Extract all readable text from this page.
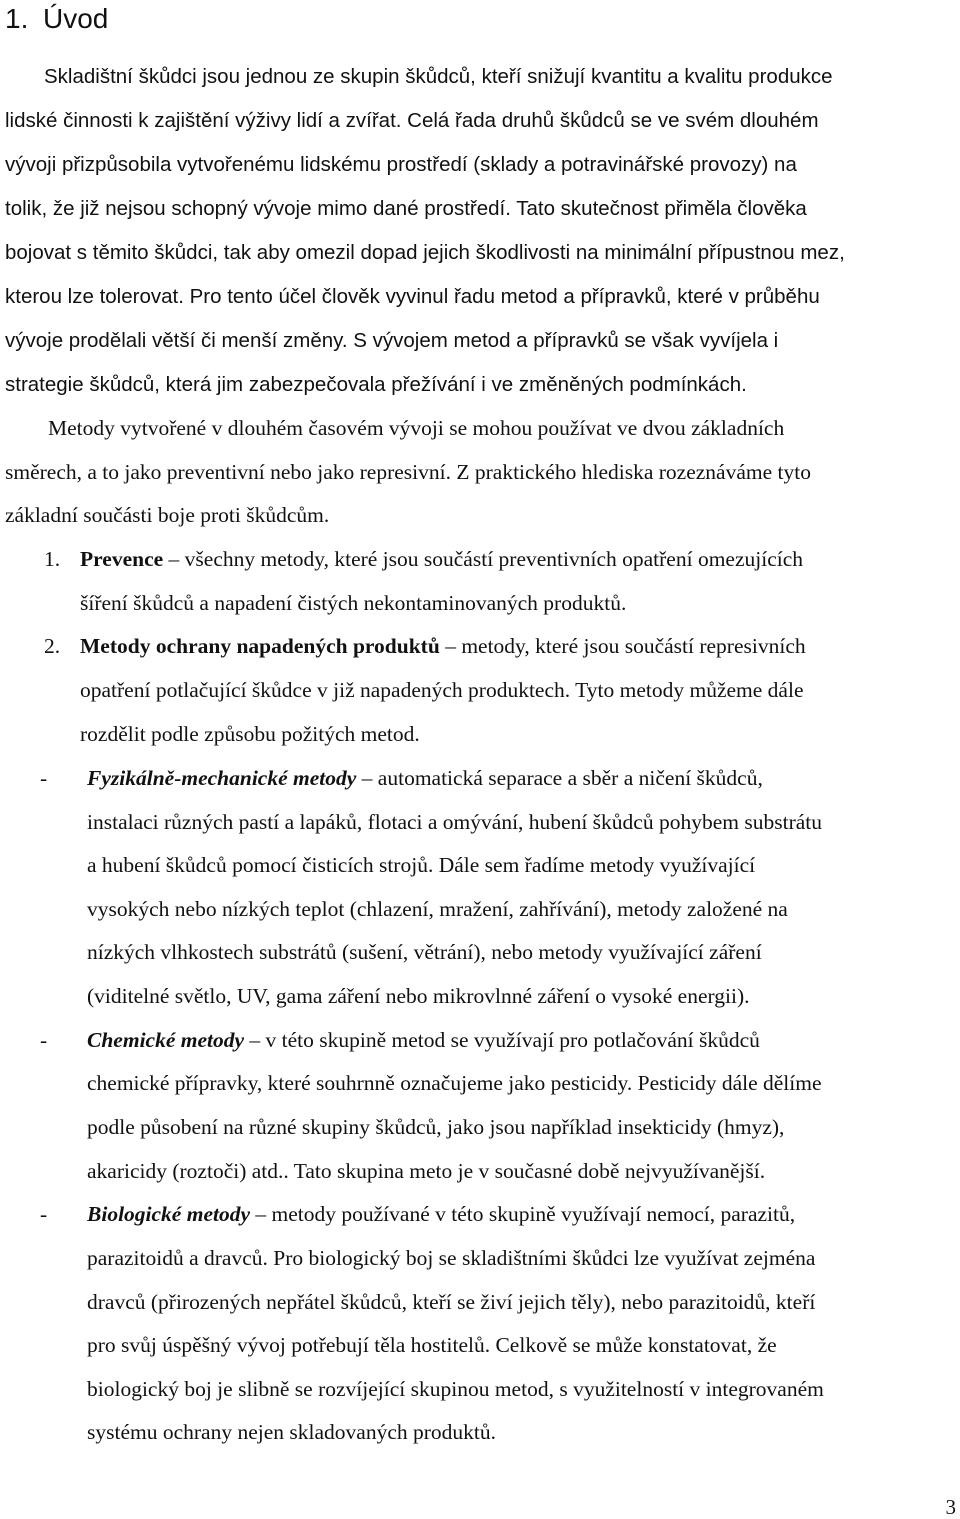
1. Úvod
Skladištní škůdci jsou jednou ze skupin škůdců, kteří snižují kvantitu a kvalitu produkce
lidské činnosti k zajištění výživy lidí a zvířat. Celá řada druhů škůdců se ve svém dlouhém
vývoji přizpůsobila vytvořenému lidskému prostředí (sklady a potravinářské provozy) na
tolik, že již nejsou schopný vývoje mimo dané prostředí. Tato skutečnost přiměla člověka
bojovat s těmito škůdci, tak aby omezil dopad jejich škodlivosti na minimální přípustnou mez,
kterou lze tolerovat. Pro tento účel člověk vyvinul řadu metod a přípravků, které v průběhu
vývoje prodělali větší či menší změny. S vývojem metod a přípravků se však vyvíjela i
strategie škůdců, která jim zabezpečovala přežívání i ve změněných podmínkách.
Metody vytvořené v dlouhém časovém vývoji se mohou používat ve dvou základních
směrech, a to jako preventivní nebo jako represivní. Z praktického hlediska rozeznáváme tyto
základní součásti boje proti škůdcům.
1. Prevence – všechny metody, které jsou součástí preventivních opatření omezujících
šíření škůdců a napadení čistých nekontaminovaných produktů.
2. Metody ochrany napadených produktů – metody, které jsou součástí represivních
opatření potlačující škůdce v již napadených produktech. Tyto metody můžeme dále
rozdělit podle způsobu požitých metod.
- Fyzikálně-mechanické metody – automatická separace a sběr a ničení škůdců,
instalaci různých pastí a lapáků, flotaci a omývání, hubení škůdců pohybem substrátu
a hubení škůdců pomocí čisticích strojů. Dále sem řadíme metody využívající
vysokých nebo nízkých teplot (chlazení, mražení, zahřívání), metody založené na
nízkých vlhkostech substrátů (sušení, větrání), nebo metody využívající záření
(viditelné světlo, UV, gama záření nebo mikrovlnné záření o vysoké energii).
- Chemické metody – v této skupině metod se využívají pro potlačování škůdců
chemické přípravky, které souhrnně označujeme jako pesticidy. Pesticidy dále dělíme
podle působení na různé skupiny škůdců, jako jsou například insekticidy (hmyz),
akaricidy (roztoči) atd.. Tato skupina meto je v současné době nejvyužívanější.
- Biologické metody – metody používané v této skupině využívají nemocí, parazitů,
parazitoidů a dravců. Pro biologický boj se skladištními škůdci lze využívat zejména
dravců (přirozených nepřátel škůdců, kteří se živí jejich těly), nebo parazitoidů, kteří
pro svůj úspěšný vývoj potřebují těla hostitelů. Celkově se může konstatovat, že
biologický boj je slibně se rozvíjející skupinou metod, s využitelností v integrovaném
systému ochrany nejen skladovaných produktů.
3
